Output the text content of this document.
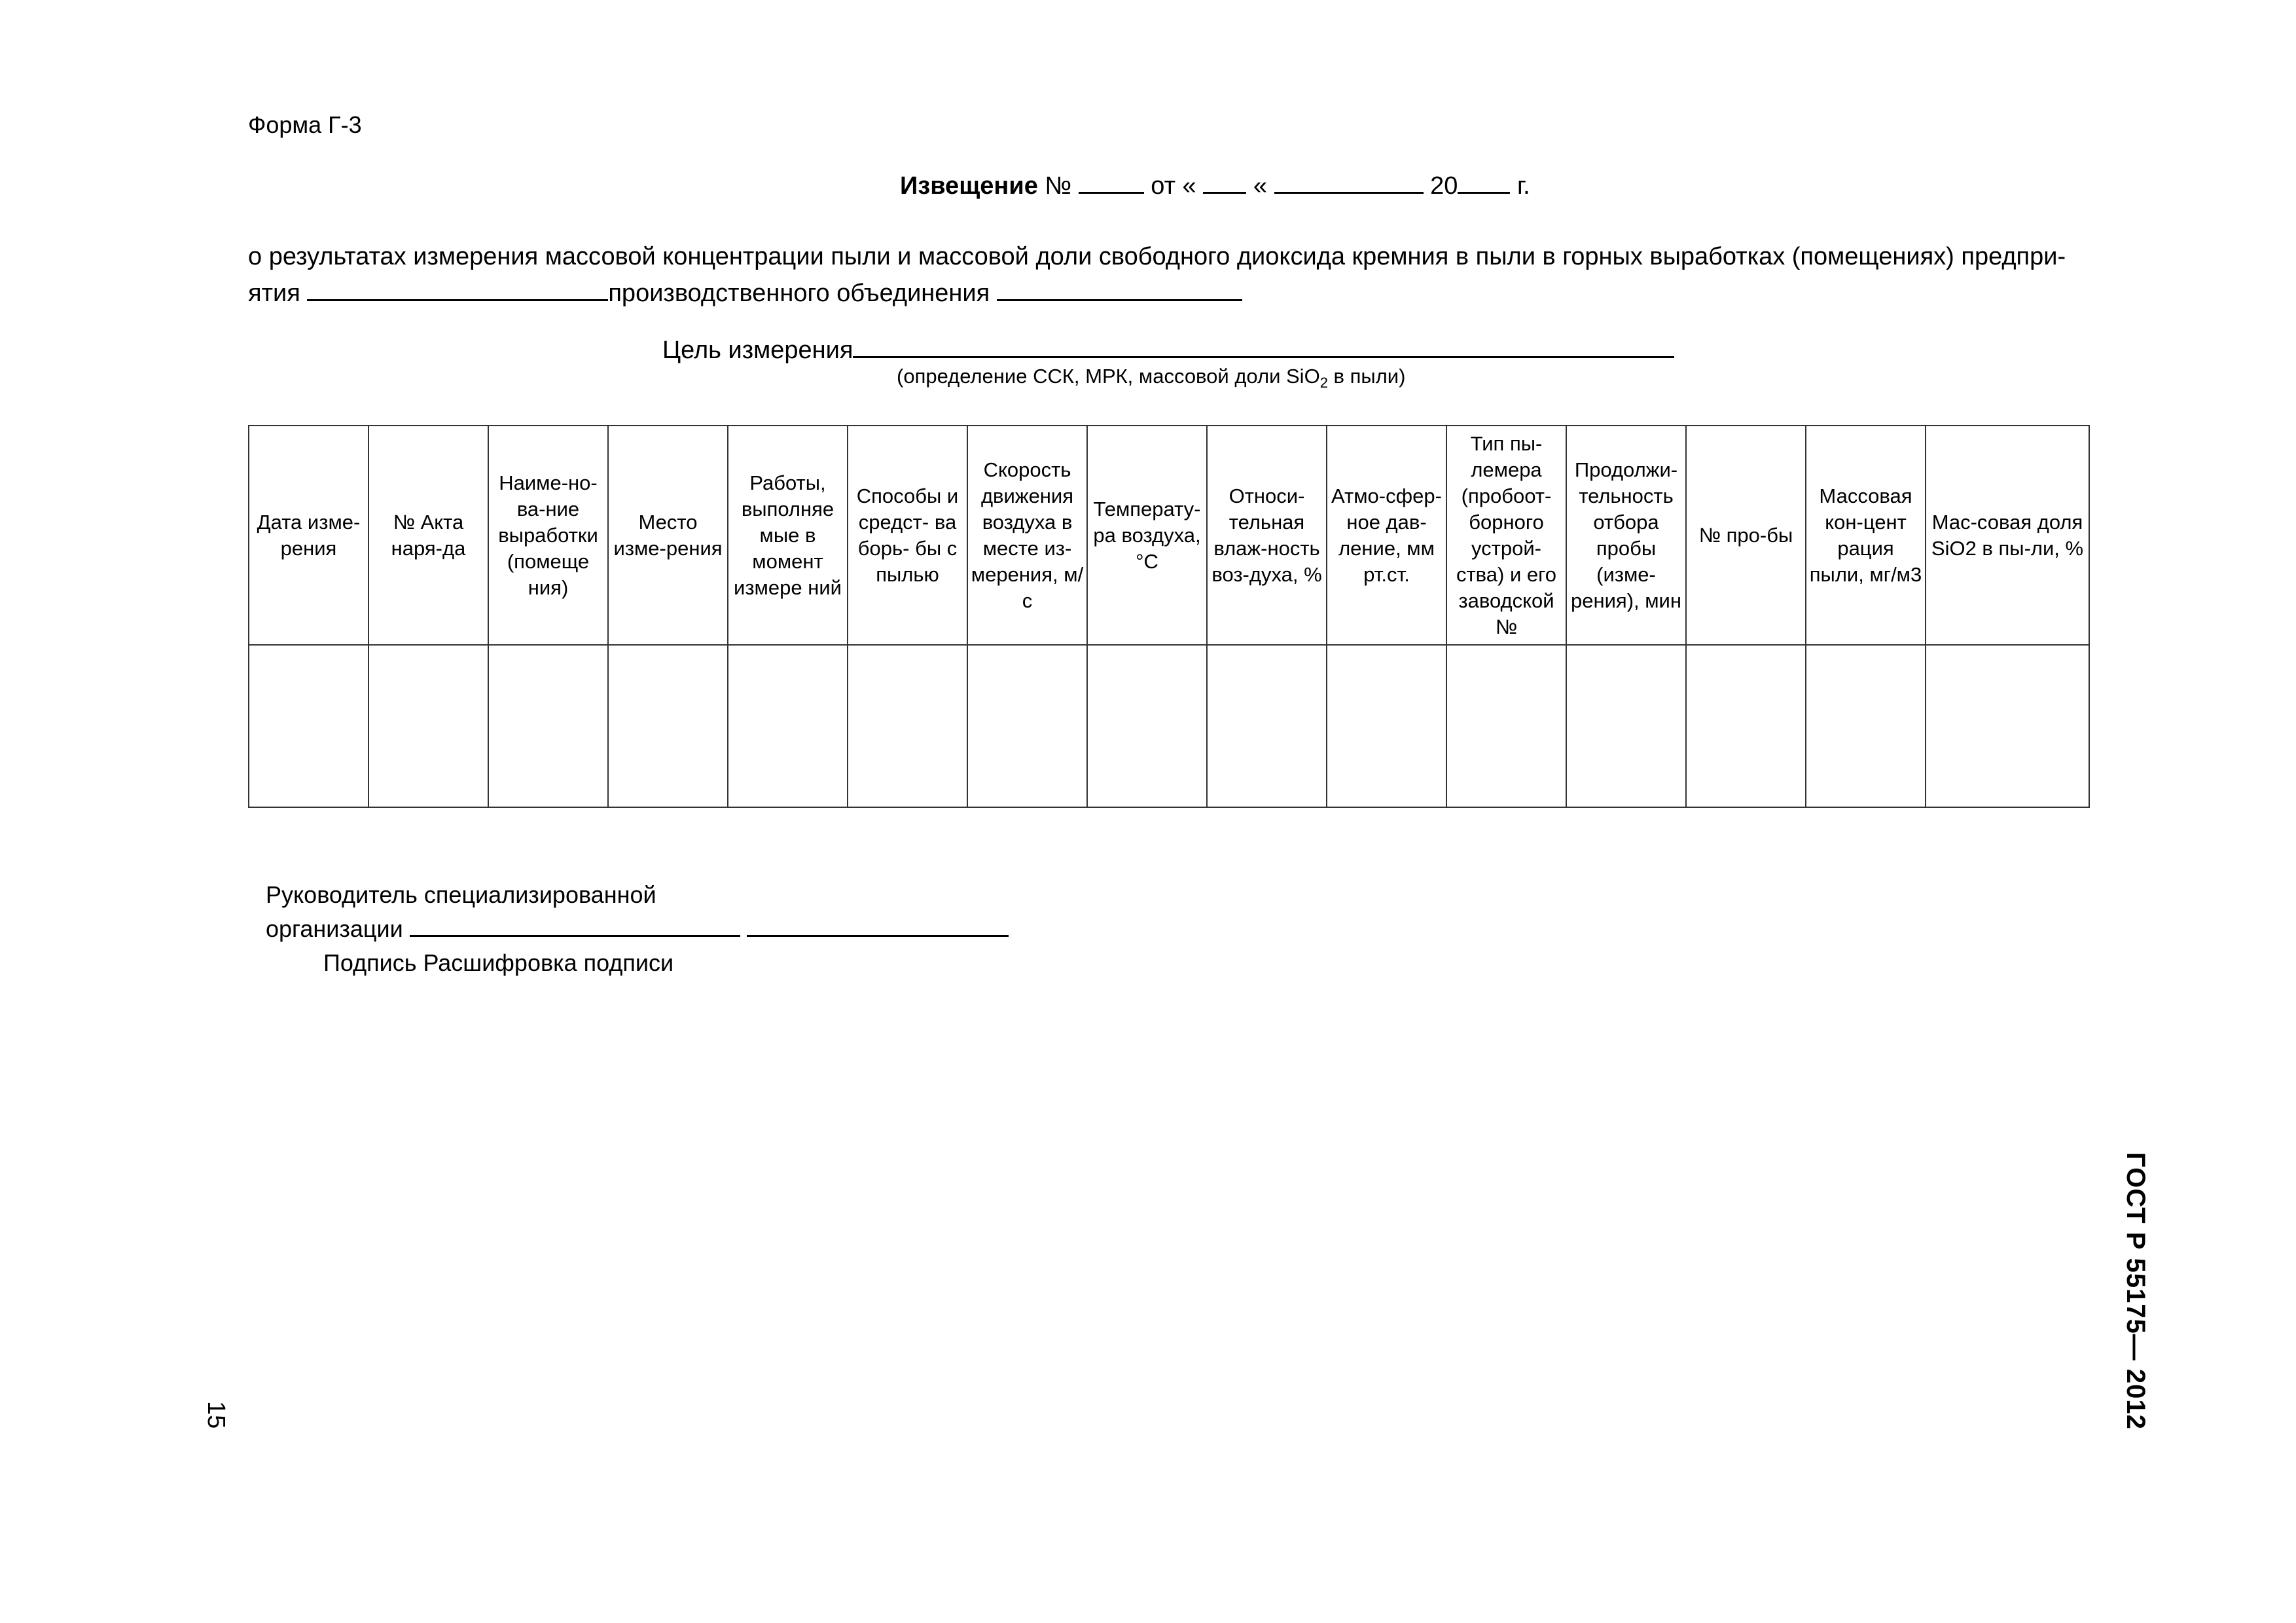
Форма Г-3
Извещение №	от « «	20 г.
о результатах измерения массовой концентрации пыли и массовой доли свободного диоксида кремния в пыли в горных выработках (помещениях) предпри-ятия	производственного объединения
Цель измерения
(определение ССК, МРК, массовой доли SiO$_2$ в пыли)
Дата изме-рения	№ Акта наря-да	Наиме-но-ва-ние выработки (помеще ния)	Место изме-рения	Работы, выполняе мые в момент измере ний	Способы и средст- ва борь- бы с пылью	Скорость движения воздуха в месте из-мерения, м/с	Температу-ра воздуха, °С	Относи-тельная влаж-ность воз-духа, %	Атмо-сфер- ное дав- ление, мм рт.ст.	Тип пы-лемера (пробоот-борного устрой-ства) и его заводской №	Продолжи-тельность отбора пробы (изме-рения), мин	№ про-бы	Массовая кон-цент рация пыли, мг/м3	Мас-совая доля SiO2 в пы-ли, %

Руководитель специализированной
организации
Подпись Расшифровка подписи
ГОСТ Р 55175— 2012
15
